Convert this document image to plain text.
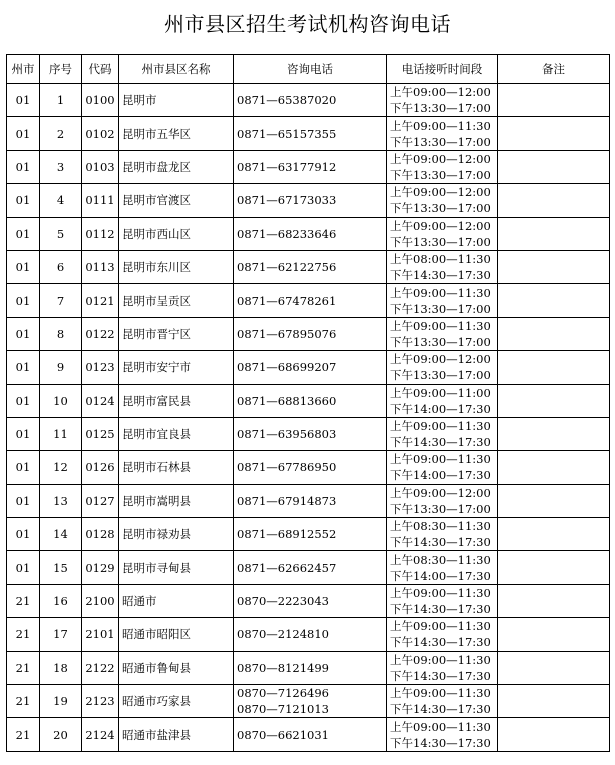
州市县区招生考试机构咨询电话
州市	序号	代码	州市县区名称	咨询电话	电话接听时间段	备注
01	1	0100	昆明市	0871—65387020	上午09:00—12:00
下午13:30—17:00	

01	2	0102	昆明市五华区	0871—65157355	上午09:00—11:30
下午13:30—17:00	

01	3	0103	昆明市盘龙区	0871—63177912	上午09:00—12:00
下午13:30—17:00	

01	4	0111	昆明市官渡区	0871—67173033	上午09:00—12:00
下午13:30—17:00	

01	5	0112	昆明市西山区	0871—68233646	上午09:00—12:00
下午13:30—17:00	

01	6	0113	昆明市东川区	0871—62122756	上午08:00—11:30
下午14:30—17:30	

01	7	0121	昆明市呈贡区	0871—67478261	上午09:00—11:30
下午13:30—17:00	

01	8	0122	昆明市晋宁区	0871—67895076	上午09:00—11:30
下午13:30—17:00	

01	9	0123	昆明市安宁市	0871—68699207	上午09:00—12:00
下午13:30—17:00	

01	10	0124	昆明市富民县	0871—68813660	上午09:00—11:00
下午14:00—17:30	

01	11	0125	昆明市宜良县	0871—63956803	上午09:00—11:30
下午14:30—17:30	

01	12	0126	昆明市石林县	0871—67786950	上午09:00—11:30
下午14:00—17:30	

01	13	0127	昆明市嵩明县	0871—67914873	上午09:00—12:00
下午13:30—17:00	

01	14	0128	昆明市禄劝县	0871—68912552	上午08:30—11:30
下午14:30—17:30	

01	15	0129	昆明市寻甸县	0871—62662457	上午08:30—11:30
下午14:00—17:30	

21	16	2100	昭通市	0870—2223043	上午09:00—11:30
下午14:30—17:30	

21	17	2101	昭通市昭阳区	0870—2124810	上午09:00—11:30
下午14:30—17:30	

21	18	2122	昭通市鲁甸县	0870—8121499	上午09:00—11:30
下午14:30—17:30	

21	19	2123	昭通市巧家县	0870—7126496
0870—7121013	上午09:00—11:30
下午14:30—17:30	

21	20	2124	昭通市盐津县	0870—6621031	上午09:00—11:30
下午14:30—17:30	
